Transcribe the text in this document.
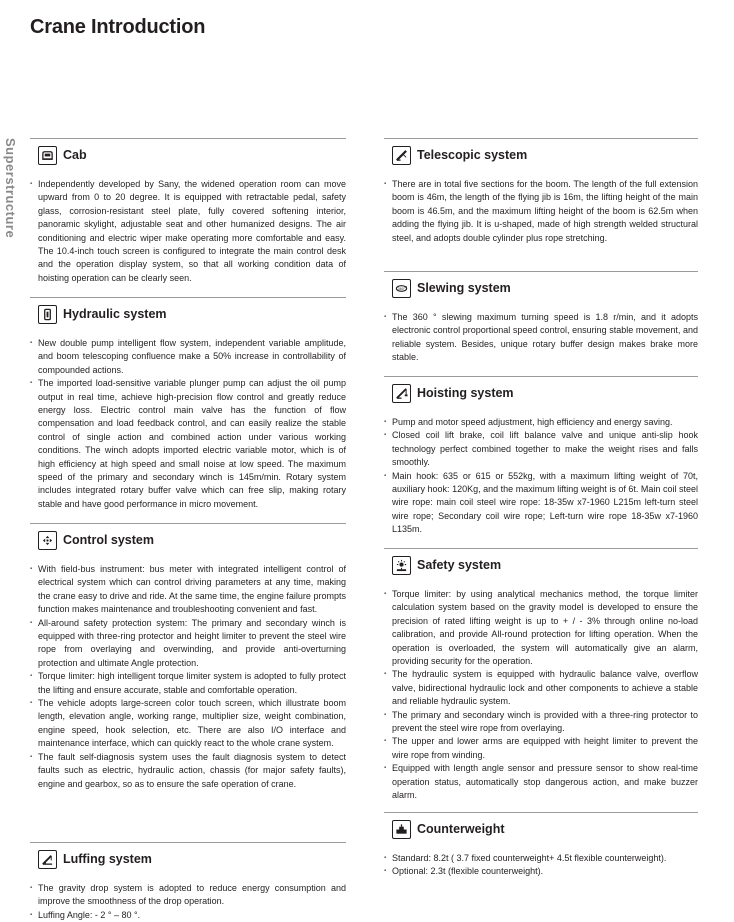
Crane Introduction
Superstructure	Cab
▪ Independently developed by Sany, the widened operation room can move upward from 0 to 20 degree. It is equipped with retractable pedal, safety glass, corrosion-resistant steel plate, fully covered softening interior, panoramic skylight, adjustable seat and other humanized designs. The air conditioning and electric wiper make operating more comfortable and easy. The 10.4-inch touch screen is configured to integrate the main control desk and the operation display system, so that all working condition data of hoisting operation can be clearly seen.
Hydraulic system
▪ New double pump intelligent flow system, independent variable amplitude, and boom telescoping confluence make a 50% increase in controllability of compounded actions.
▪ The imported load-sensitive variable plunger pump can adjust the oil pump output in real time, achieve high-precision flow control and greatly reduce energy loss. Electric control main valve has the function of flow compensation and load feedback control, and can easily realize the stable control of single action and combined action under various working conditions. The winch adopts imported electric variable motor, which is of high efficiency at high speed and small noise at low speed. The maximum speed of the primary and secondary winch is 145m/min. Rotary system includes integrated rotary buffer valve which can free slip, making rotary stable and have good performance in micro movement.
Control system
▪ With field-bus instrument: bus meter with integrated intelligent control of electrical system which can control driving parameters at any time, making the crane easy to drive and ride. At the same time, the engine failure prompts function makes maintenance and troubleshooting convenient and fast.
▪ All-around safety protection system: The primary and secondary winch is equipped with three-ring protector and height limiter to prevent the steel wire rope from overlaying and overwinding, and provide anti-overturning protection and ultimate Angle protection.
▪ Torque limiter: high intelligent torque limiter system is adopted to fully protect the lifting and ensure accurate, stable and comfortable operation.
▪ The vehicle adopts large-screen color touch screen, which illustrate boom length, elevation angle, working range, multiplier size, weight combination, engine speed, hook selection, etc. There are also I/O interface and maintenance interface, which can quickly react to the whole crane system.
▪ The fault self-diagnosis system uses the fault diagnosis system to detect faults such as electric, hydraulic action, chassis (for major safety faults), engine and gearbox, so as to ensure the safe operation of crane.
Luffing system
▪ The gravity drop system is adopted to reduce energy consumption and improve the smoothness of the drop operation.
▪ Luffing Angle: - 2 ° – 80 °.
Telescopic system
▪ There are in total five sections for the boom. The length of the full extension boom is 46m, the length of the flying jib is 16m, the lifting height of the main boom is 46.5m, and the maximum lifting height of the boom is 62.5m when adding the flying jib. It is u-shaped, made of high strength welded structural steel, and adopts double cylinder plus rope stretching.
360° Slewing system
▪ The 360 ° slewing maximum turning speed is 1.8 r/min, and it adopts electronic control proportional speed control, ensuring stable movement, and reliable system. Besides, unique rotary buffer design makes brake more stable.
Hoisting system
▪ Pump and motor speed adjustment, high efficiency and energy saving.
▪ Closed coil lift brake, coil lift balance valve and unique anti-slip hook technology perfect combined together to make the weight rises and falls smoothly.
▪ Main hook: 635 or 615 or 552kg, with a maximum lifting weight of 70t, auxiliary hook: 120Kg, and the maximum lifting weight is of 6t. Main coil steel wire rope: main coil steel wire rope: 18-35w x7-1960 L215m left-turn steel wire rope; Secondary coil wire rope; Left-turn wire rope 18-35w x7-1960 L135m.
Safety system
▪ Torque limiter: by using analytical mechanics method, the torque limiter calculation system based on the gravity model is developed to ensure the precision of rated lifting weight is up to + / - 3% through online no-load calibration, and provide All-round protection for lifting operation. When the operation is overloaded, the system will automatically give an alarm, providing security for the operation.
▪ The hydraulic system is equipped with hydraulic balance valve, overflow valve, bidirectional hydraulic lock and other components to achieve a stable and reliable hydraulic system.
▪ The primary and secondary winch is provided with a three-ring protector to prevent the steel wire rope from overlaying.
▪ The upper and lower arms are equipped with height limiter to prevent the wire rope from winding.
▪ Equipped with length angle sensor and pressure sensor to show real-time operation status, automatically stop dangerous action, and make buzzer alarm.
Counterweight
▪ Standard: 8.2t ( 3.7 fixed counterweight+ 4.5t flexible counterweight).
▪ Optional: 2.3t (flexible counterweight).
